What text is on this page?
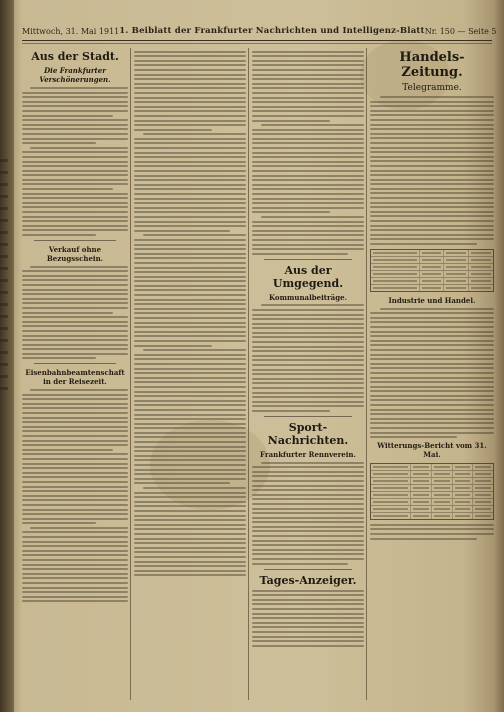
Mittwoch, 31. Mai 1911 1. Beiblatt der Frankfurter Nachrichten und Intelligenz-Blatt Nr. 150 — Seite 5
Aus der Stadt.
Die Frankfurter Verschönerungen.
Verkauf ohne Bezugsschein.
Eisenbahnbeamtenschaft in der Reisezeit.
Aus der Umgegend.
Kommunalbeiträge.
Sport-Nachrichten.
Frankfurter Rennverein.
Tages-Anzeiger.
Handels-Zeitung.
Telegramme.
Industrie und Handel.
Witterungs-Bericht vom 31. Mai.
